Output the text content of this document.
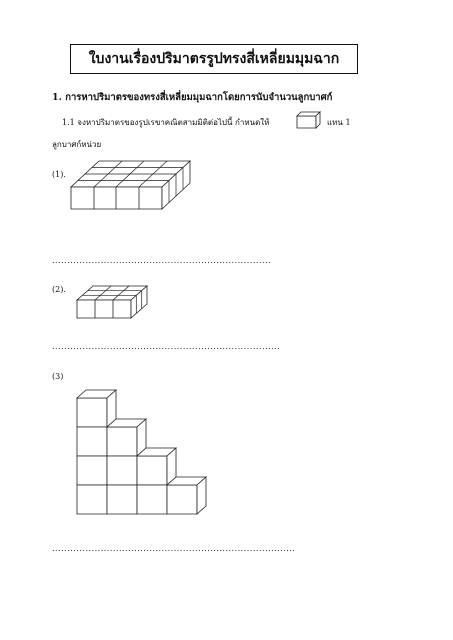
ใบงานเรื่องปริมาตรรูปทรงสี่เหลี่ยมมุมฉาก
1. การหาปริมาตรของทรงสี่เหลี่ยมมุมฉากโดยการนับจำนวนลูกบาศก์
1.1 จงหาปริมาตรของรูปเรขาคณิตสามมิติต่อไปนี้ กำหนดให้	แทน 1
ลูกบาศก์หน่วย
(1).
........................................................................
(2).
...........................................................................
(3)
................................................................................
